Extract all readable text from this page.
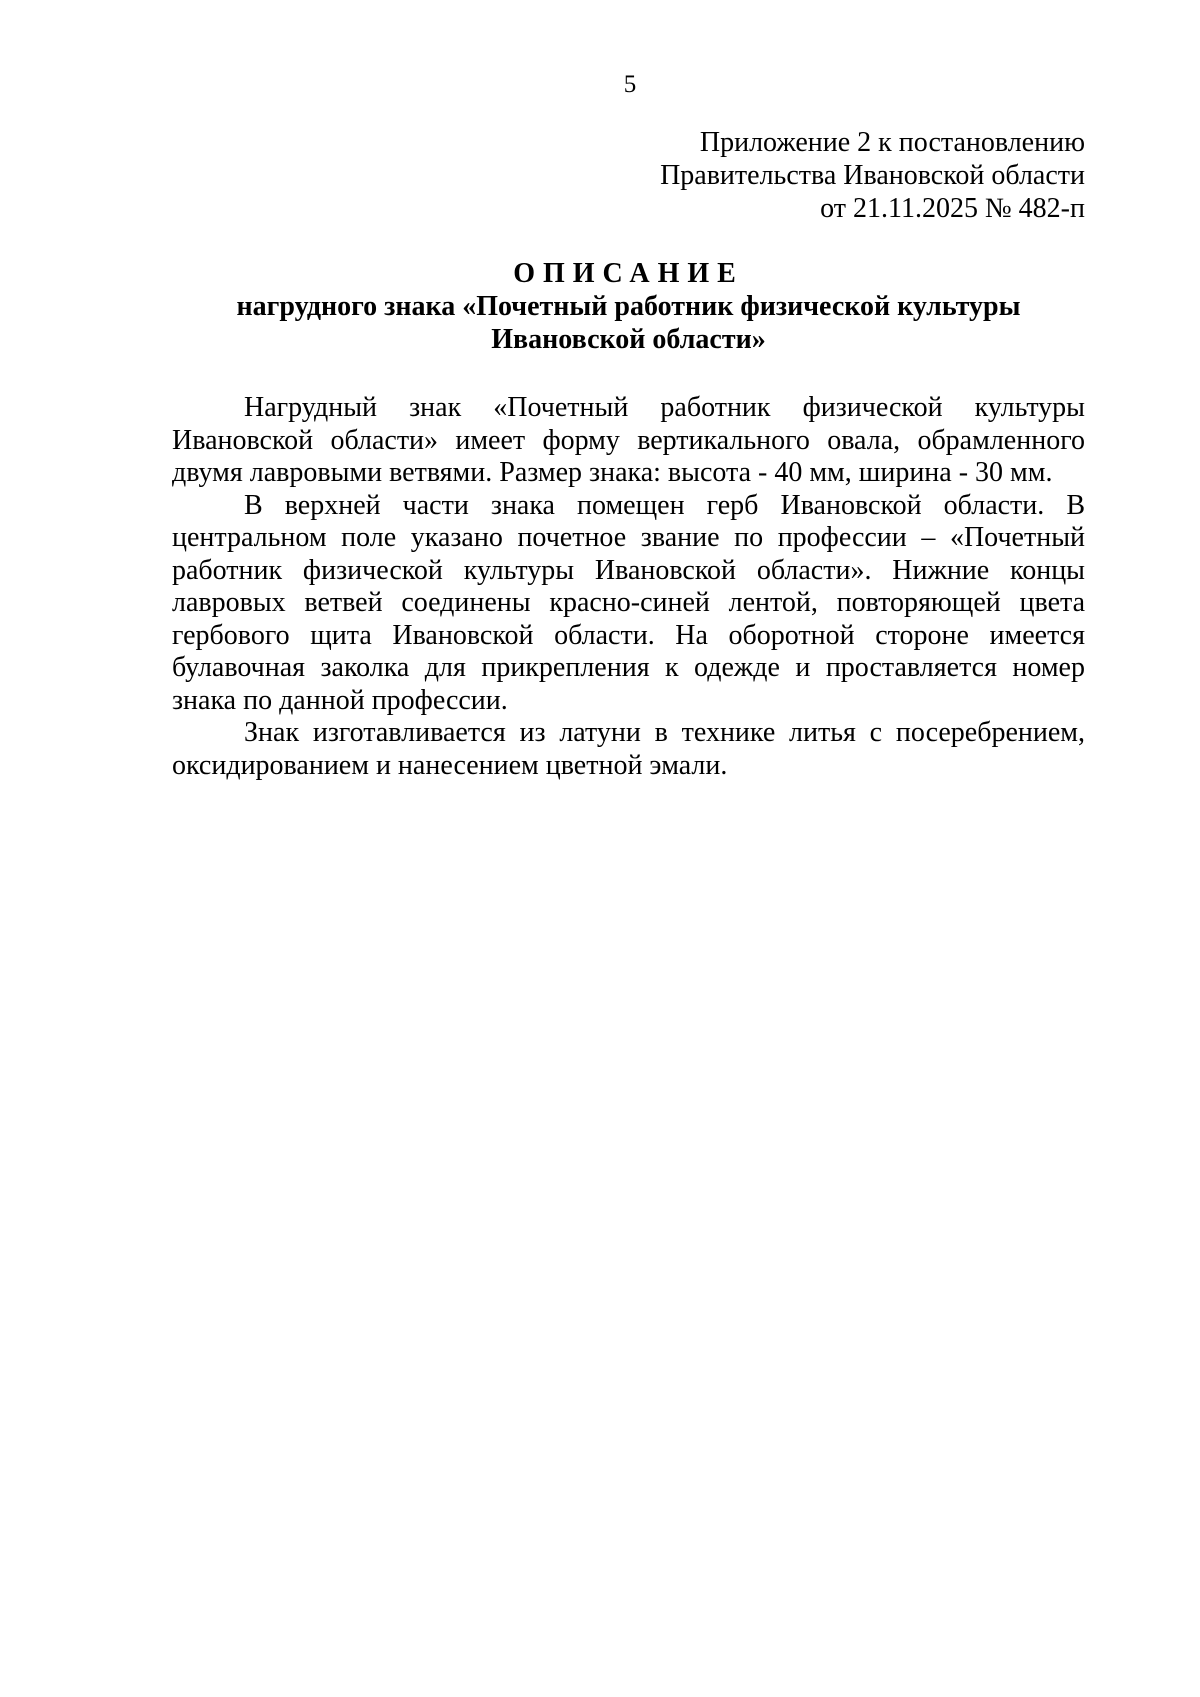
5
Приложение 2 к постановлению
Правительства Ивановской области
от 21.11.2025 № 482-п
ОПИСАНИЕ
нагрудного знака «Почетный работник физической культуры
Ивановской области»

Нагрудный знак «Почетный работник физической культуры Ивановской области» имеет форму вертикального овала, обрамленного двумя лавровыми ветвями. Размер знака: высота - 40 мм, ширина - 30 мм.

В верхней части знака помещен герб Ивановской области. В центральном поле указано почетное звание по профессии – «Почетный работник физической культуры Ивановской области». Нижние концы лавровых ветвей соединены красно-синей лентой, повторяющей цвета гербового щита Ивановской области. На оборотной стороне имеется булавочная заколка для прикрепления к одежде и проставляется номер знака по данной профессии.

Знак изготавливается из латуни в технике литья с посеребрением, оксидированием и нанесением цветной эмали.
